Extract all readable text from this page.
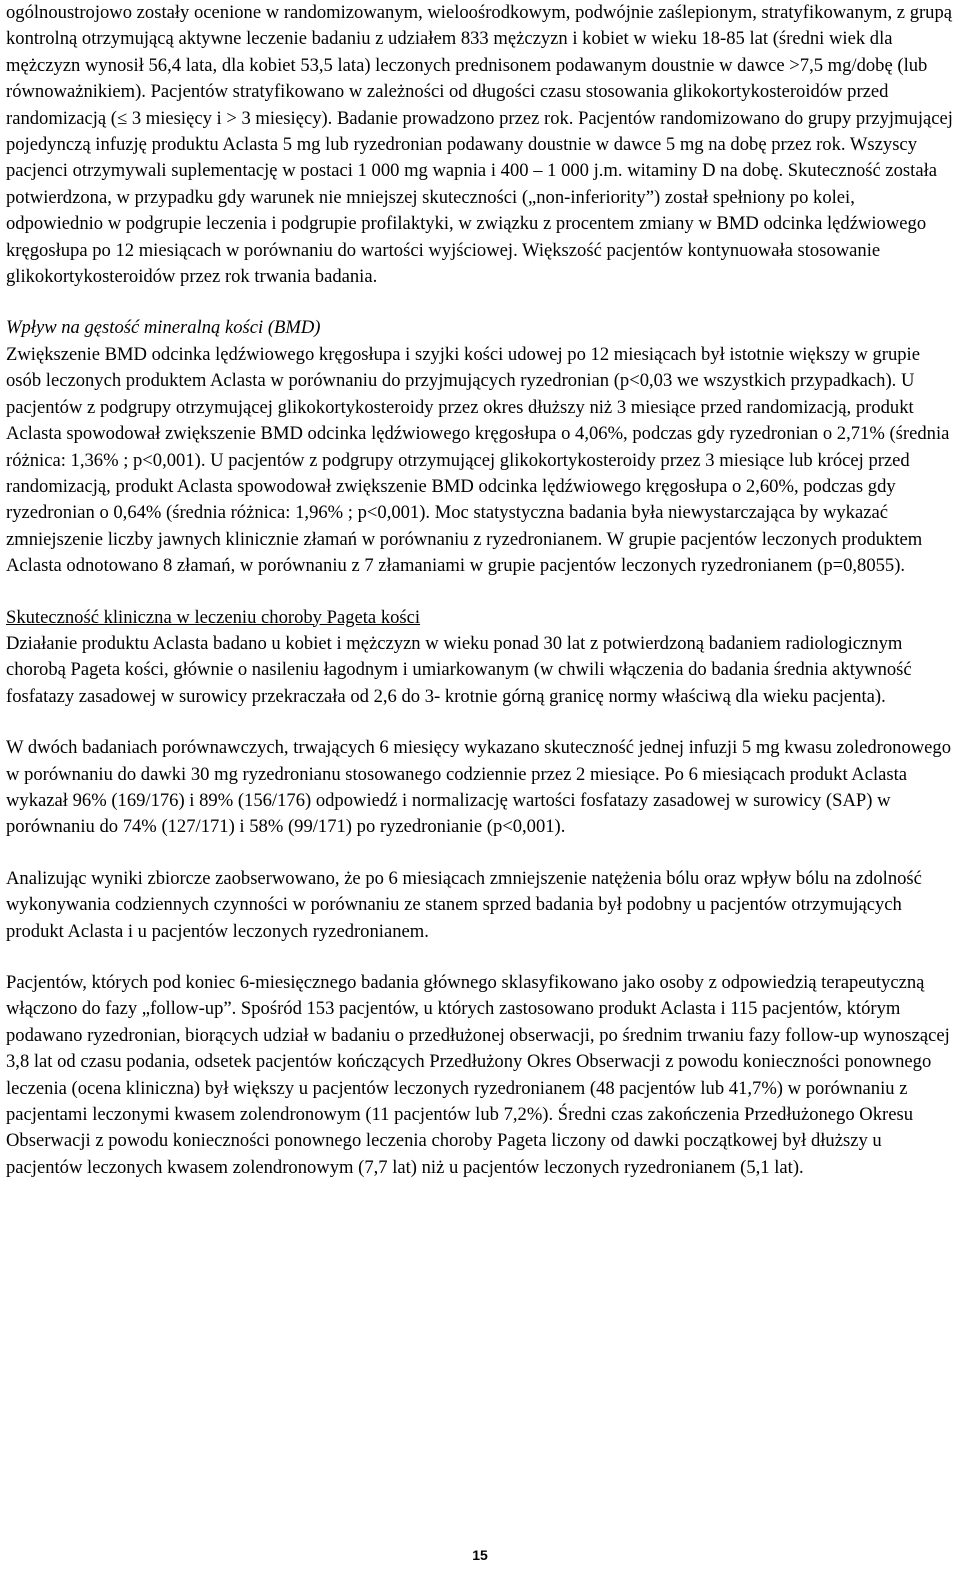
ogólnoustrojowo zostały ocenione w randomizowanym, wieloośrodkowym, podwójnie zaślepionym, stratyfikowanym, z grupą kontrolną otrzymującą aktywne leczenie badaniu z udziałem 833 mężczyzn i kobiet w wieku 18-85 lat (średni wiek dla mężczyzn wynosił 56,4 lata, dla kobiet 53,5 lata) leczonych prednisonem podawanym doustnie w dawce >7,5 mg/dobę (lub równoważnikiem). Pacjentów stratyfikowano w zależności od długości czasu stosowania glikokortykosteroidów przed randomizacją (≤ 3 miesięcy i > 3 miesięcy). Badanie prowadzono przez rok. Pacjentów randomizowano do grupy przyjmującej pojedynczą infuzję produktu Aclasta 5 mg lub ryzedronian podawany doustnie w dawce 5 mg na dobę przez rok. Wszyscy pacjenci otrzymywali suplementację w postaci 1 000 mg wapnia i 400 – 1 000 j.m. witaminy D na dobę. Skuteczność została potwierdzona, w przypadku gdy warunek nie mniejszej skuteczności („non-inferiority”) został spełniony po kolei, odpowiednio w podgrupie leczenia i podgrupie profilaktyki, w związku z procentem zmiany w BMD odcinka lędźwiowego kręgosłupa po 12 miesiącach w porównaniu do wartości wyjściowej. Większość pacjentów kontynuowała stosowanie glikokortykosteroidów przez rok trwania badania.

Wpływ na gęstość mineralną kości (BMD)

Zwiększenie BMD odcinka lędźwiowego kręgosłupa i szyjki kości udowej po 12 miesiącach był istotnie większy w grupie osób leczonych produktem Aclasta w porównaniu do przyjmujących ryzedronian (p<0,03 we wszystkich przypadkach). U pacjentów z podgrupy otrzymującej glikokortykosteroidy przez okres dłuższy niż 3 miesiące przed randomizacją, produkt Aclasta spowodował zwiększenie BMD odcinka lędźwiowego kręgosłupa o 4,06%, podczas gdy ryzedronian o 2,71% (średnia różnica: 1,36% ; p<0,001). U pacjentów z podgrupy otrzymującej glikokortykosteroidy przez 3 miesiące lub krócej przed randomizacją, produkt Aclasta spowodował zwiększenie BMD odcinka lędźwiowego kręgosłupa o 2,60%, podczas gdy ryzedronian o 0,64% (średnia różnica: 1,96% ; p<0,001). Moc statystyczna badania była niewystarczająca by wykazać zmniejszenie liczby jawnych klinicznie złamań w porównaniu z ryzedronianem. W grupie pacjentów leczonych produktem Aclasta odnotowano 8 złamań, w porównaniu z 7 złamaniami w grupie pacjentów leczonych ryzedronianem (p=0,8055).

Skuteczność kliniczna w leczeniu choroby Pageta kości

Działanie produktu Aclasta badano u kobiet i mężczyzn w wieku ponad 30 lat z potwierdzoną badaniem radiologicznym chorobą Pageta kości, głównie o nasileniu łagodnym i umiarkowanym (w chwili włączenia do badania średnia aktywność fosfatazy zasadowej w surowicy przekraczała od 2,6 do 3- krotnie górną granicę normy właściwą dla wieku pacjenta).

W dwóch badaniach porównawczych, trwających 6 miesięcy wykazano skuteczność jednej infuzji 5 mg kwasu zoledronowego w porównaniu do dawki 30 mg ryzedronianu stosowanego codziennie przez 2 miesiące. Po 6 miesiącach produkt Aclasta wykazał 96% (169/176) i 89% (156/176) odpowiedź i normalizację wartości fosfatazy zasadowej w surowicy (SAP) w porównaniu do 74% (127/171) i 58% (99/171) po ryzedronianie (p<0,001).

Analizując wyniki zbiorcze zaobserwowano, że po 6 miesiącach zmniejszenie natężenia bólu oraz wpływ bólu na zdolność wykonywania codziennych czynności w porównaniu ze stanem sprzed badania był podobny u pacjentów otrzymujących produkt Aclasta i u pacjentów leczonych ryzedronianem.

Pacjentów, których pod koniec 6-miesięcznego badania głównego sklasyfikowano jako osoby z odpowiedzią terapeutyczną włączono do fazy „follow-up”. Spośród 153 pacjentów, u których zastosowano produkt Aclasta i 115 pacjentów, którym podawano ryzedronian, biorących udział w badaniu o przedłużonej obserwacji, po średnim trwaniu fazy follow-up wynoszącej 3,8 lat od czasu podania, odsetek pacjentów kończących Przedłużony Okres Obserwacji z powodu konieczności ponownego leczenia (ocena kliniczna) był większy u pacjentów leczonych ryzedronianem (48 pacjentów lub 41,7%) w porównaniu z pacjentami leczonymi kwasem zolendronowym (11 pacjentów lub 7,2%). Średni czas zakończenia Przedłużonego Okresu Obserwacji z powodu konieczności ponownego leczenia choroby Pageta liczony od dawki początkowej był dłuższy u pacjentów leczonych kwasem zolendronowym (7,7 lat) niż u pacjentów leczonych ryzedronianem (5,1 lat).

15
